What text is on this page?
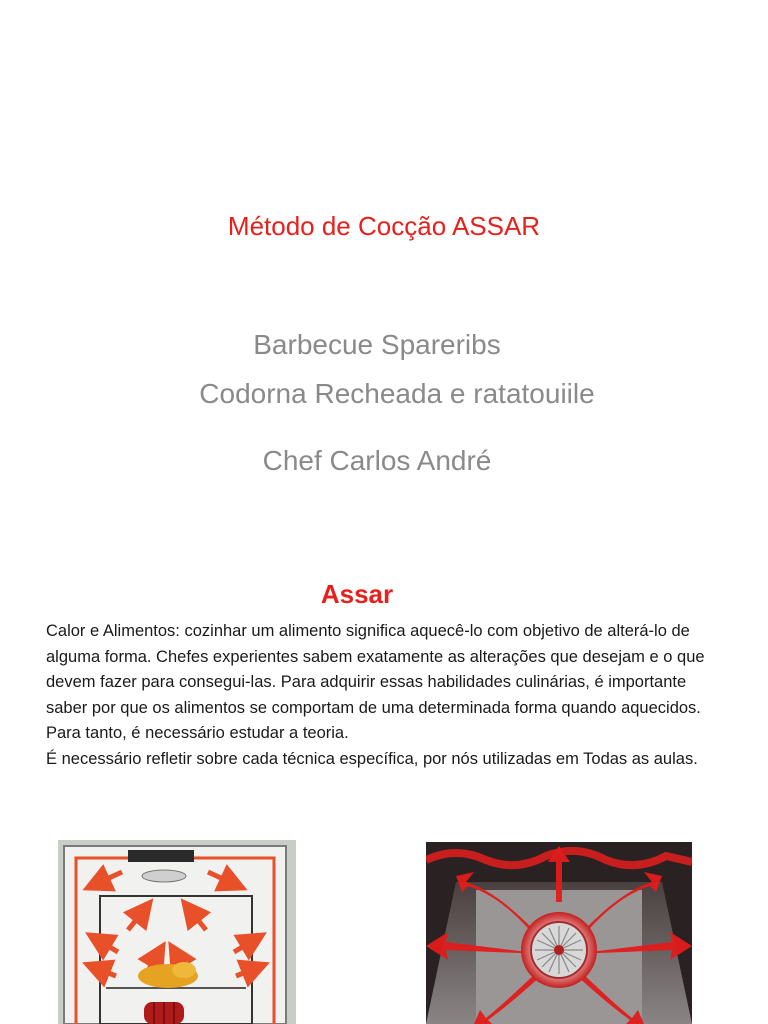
Método de Cocção ASSAR
Barbecue Spareribs
Codorna Recheada e ratatouiile
Chef Carlos André
Assar

Calor e Alimentos: cozinhar um alimento significa aquecê-lo com objetivo de alterá-lo de alguma forma. Chefes experientes sabem exatamente as alterações que desejam e o que devem fazer para consegui-las. Para adquirir essas habilidades culinárias, é importante saber por que os alimentos se comportam de uma determinada forma quando aquecidos. Para tanto, é necessário estudar a teoria.

É necessário refletir sobre cada técnica específica, por nós utilizadas em Todas as aulas.
